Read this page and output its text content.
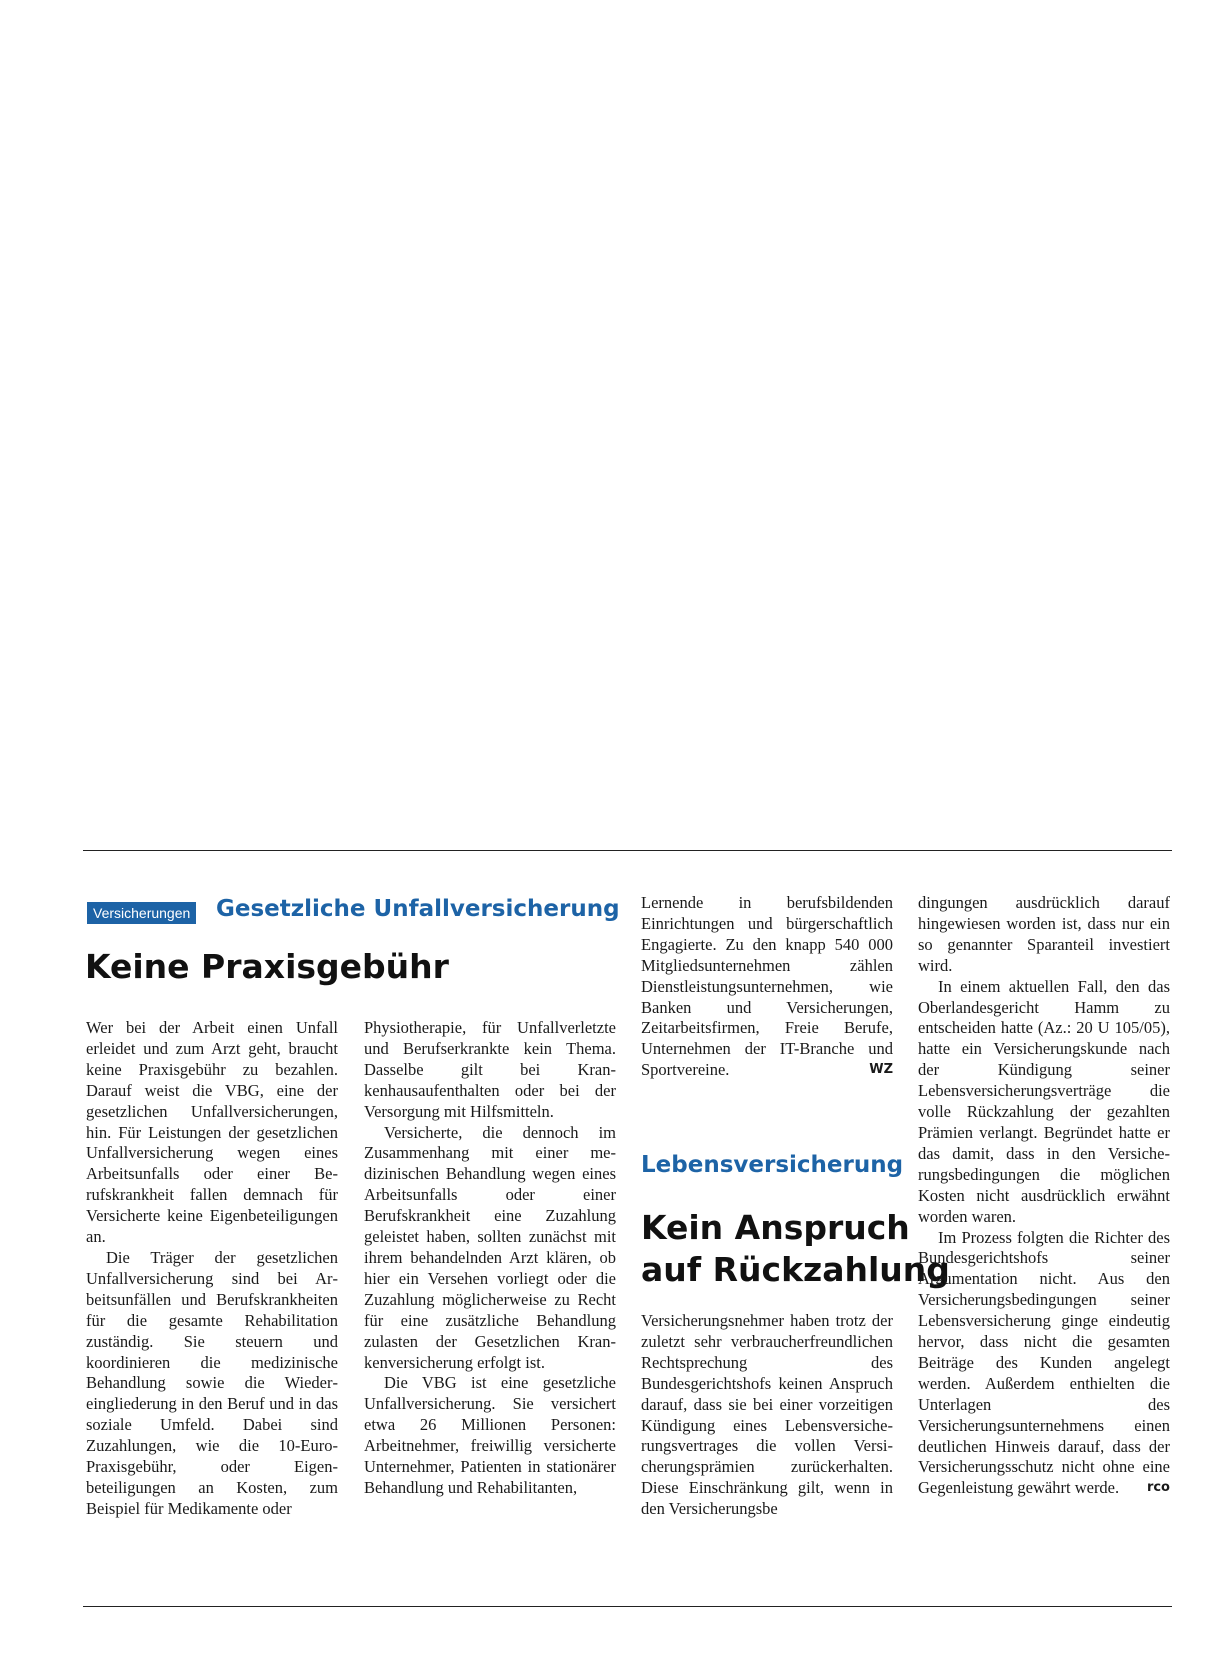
Versicherungen Gesetzliche Unfallversicherung
Keine Praxisgebühr

Wer bei der Arbeit einen Unfall erleidet und zum Arzt geht, braucht keine Praxisgebühr zu bezahlen. Darauf weist die VBG, eine der gesetzlichen Unfallversicherungen, hin. Für Leistungen der gesetzlichen Unfallversicherung wegen eines Arbeitsunfalls oder einer Berufskrankheit fallen demnach für Versicherte keine Eigenbeteiligungen an.

Die Träger der gesetzlichen Unfallversicherung sind bei Arbeitsunfällen und Berufskrankheiten für die gesamte Rehabilitation zuständig. Sie steuern und koordinieren die medizinische Behandlung sowie die Wiedereingliederung in den Beruf und in das soziale Umfeld. Dabei sind Zuzahlungen, wie die 10-Euro-Praxisgebühr, oder Eigenbeteiligungen an Kosten, zum Beispiel für Medikamente oder

Physiotherapie, für Unfallverletzte und Berufserkrankte kein Thema. Dasselbe gilt bei Krankenhausaufenthalten oder bei der Versorgung mit Hilfsmitteln.

Versicherte, die dennoch im Zusammenhang mit einer medizinischen Behandlung wegen eines Arbeitsunfalls oder einer Berufskrankheit eine Zuzahlung geleistet haben, sollten zunächst mit ihrem behandelnden Arzt klären, ob hier ein Versehen vorliegt oder die Zuzahlung möglicherweise zu Recht für eine zusätzliche Behandlung zulasten der Gesetzlichen Krankenversicherung erfolgt ist.

Die VBG ist eine gesetzliche Unfallversicherung. Sie versichert etwa 26 Millionen Personen: Arbeitnehmer, freiwillig versicherte Unternehmer, Patienten in stationärer Behandlung und Rehabilitanten,

Lernende in berufsbildenden Einrichtungen und bürgerschaftlich Engagierte. Zu den knapp 540 000 Mitgliedsunternehmen zählen Dienstleistungsunternehmen, wie Banken und Versicherungen, Zeitarbeitsfirmen, Freie Berufe, Unternehmen der IT-Branche und Sportvereine.	WZ

Lebensversicherung
Kein Anspruch
auf Rückzahlung

Versicherungsnehmer haben trotz der zuletzt sehr verbraucherfreundlichen Rechtsprechung des Bundesgerichtshofs keinen Anspruch darauf, dass sie bei einer vorzeitigen Kündigung eines Lebensversicherungsvertrages die vollen Versicherungsprämien zurückerhalten. Diese Einschränkung gilt, wenn in den Versicherungsbe

dingungen ausdrücklich darauf hingewiesen worden ist, dass nur ein so genannter Sparanteil investiert wird.

In einem aktuellen Fall, den das Oberlandesgericht Hamm zu entscheiden hatte (Az.: 20 U 105/05), hatte ein Versicherungskunde nach der Kündigung seiner Lebensversicherungsverträge die volle Rückzahlung der gezahlten Prämien verlangt. Begründet hatte er das damit, dass in den Versicherungsbedingungen die möglichen Kosten nicht ausdrücklich erwähnt worden waren.

Im Prozess folgten die Richter des Bundesgerichtshofs seiner Argumentation nicht. Aus den Versicherungsbedingungen seiner Lebensversicherung ginge eindeutig hervor, dass nicht die gesamten Beiträge des Kunden angelegt werden. Außerdem enthielten die Unterlagen des Versicherungsunternehmens einen deutlichen Hinweis darauf, dass der Versicherungsschutz nicht ohne eine Gegenleistung gewährt werde.	rco
